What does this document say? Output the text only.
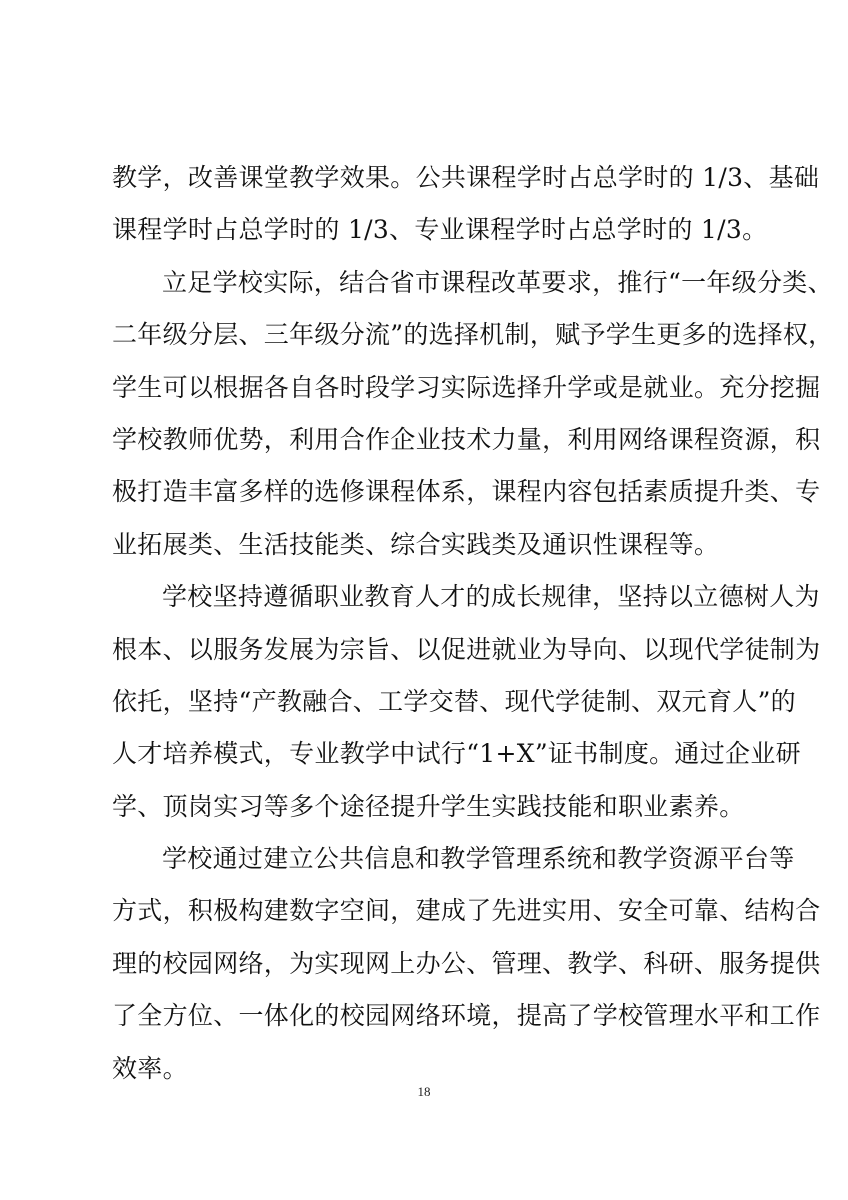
教学，改善课堂教学效果。公共课程学时占总学时的 1/3、基础
课程学时占总学时的 1/3、专业课程学时占总学时的 1/3。
立足学校实际，结合省市课程改革要求，推行“一年级分类、
二年级分层、三年级分流”的选择机制，赋予学生更多的选择权，
学生可以根据各自各时段学习实际选择升学或是就业。充分挖掘
学校教师优势，利用合作企业技术力量，利用网络课程资源，积
极打造丰富多样的选修课程体系，课程内容包括素质提升类、专
业拓展类、生活技能类、综合实践类及通识性课程等。
学校坚持遵循职业教育人才的成长规律，坚持以立德树人为
根本、以服务发展为宗旨、以促进就业为导向、以现代学徒制为
依托，坚持“产教融合、工学交替、现代学徒制、双元育人”的
人才培养模式，专业教学中试行“1+X”证书制度。通过企业研
学、顶岗实习等多个途径提升学生实践技能和职业素养。
学校通过建立公共信息和教学管理系统和教学资源平台等
方式，积极构建数字空间，建成了先进实用、安全可靠、结构合
理的校园网络，为实现网上办公、管理、教学、科研、服务提供
了全方位、一体化的校园网络环境，提高了学校管理水平和工作
效率。
18
